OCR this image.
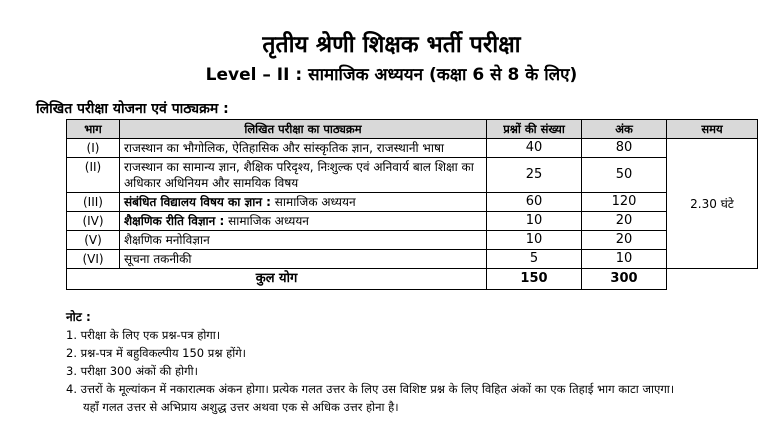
तृतीय श्रेणी शिक्षक भर्ती परीक्षा
Level – II : सामाजिक अध्ययन (कक्षा 6 से 8 के लिए)
लिखित परीक्षा योजना एवं पाठ्यक्रम :
भाग	लिखित परीक्षा का पाठ्यक्रम	प्रश्नों की संख्या	अंक	समय
(I)	राजस्थान का भौगोलिक, ऐतिहासिक और सांस्कृतिक ज्ञान, राजस्थानी भाषा	40	80	2.30 घंटे
(II)	राजस्थान का सामान्य ज्ञान, शैक्षिक परिदृश्य, निःशुल्क एवं अनिवार्य बाल शिक्षा का अधिकार अधिनियम और सामयिक विषय	25	50	
(III)	संबंधित विद्यालय विषय का ज्ञान : सामाजिक अध्ययन	60	120	
(IV)	शैक्षणिक रीति विज्ञान : सामाजिक अध्ययन	10	20	
(V)	शैक्षणिक मनोविज्ञान	10	20	
(VI)	सूचना तकनीकी	5	10	
कुल योग		150	300	
नोट :
1. परीक्षा के लिए एक प्रश्न-पत्र होगा।
2. प्रश्न-पत्र में बहुविकल्पीय 150 प्रश्न होंगे।
3. परीक्षा 300 अंकों की होगी।
4. उत्तरों के मूल्यांकन में नकारात्मक अंकन होगा। प्रत्येक गलत उत्तर के लिए उस विशिष्ट प्रश्न के लिए विहित अंकों का एक तिहाई भाग काटा जाएगा।
यहाँ गलत उत्तर से अभिप्राय अशुद्ध उत्तर अथवा एक से अधिक उत्तर होना है।
